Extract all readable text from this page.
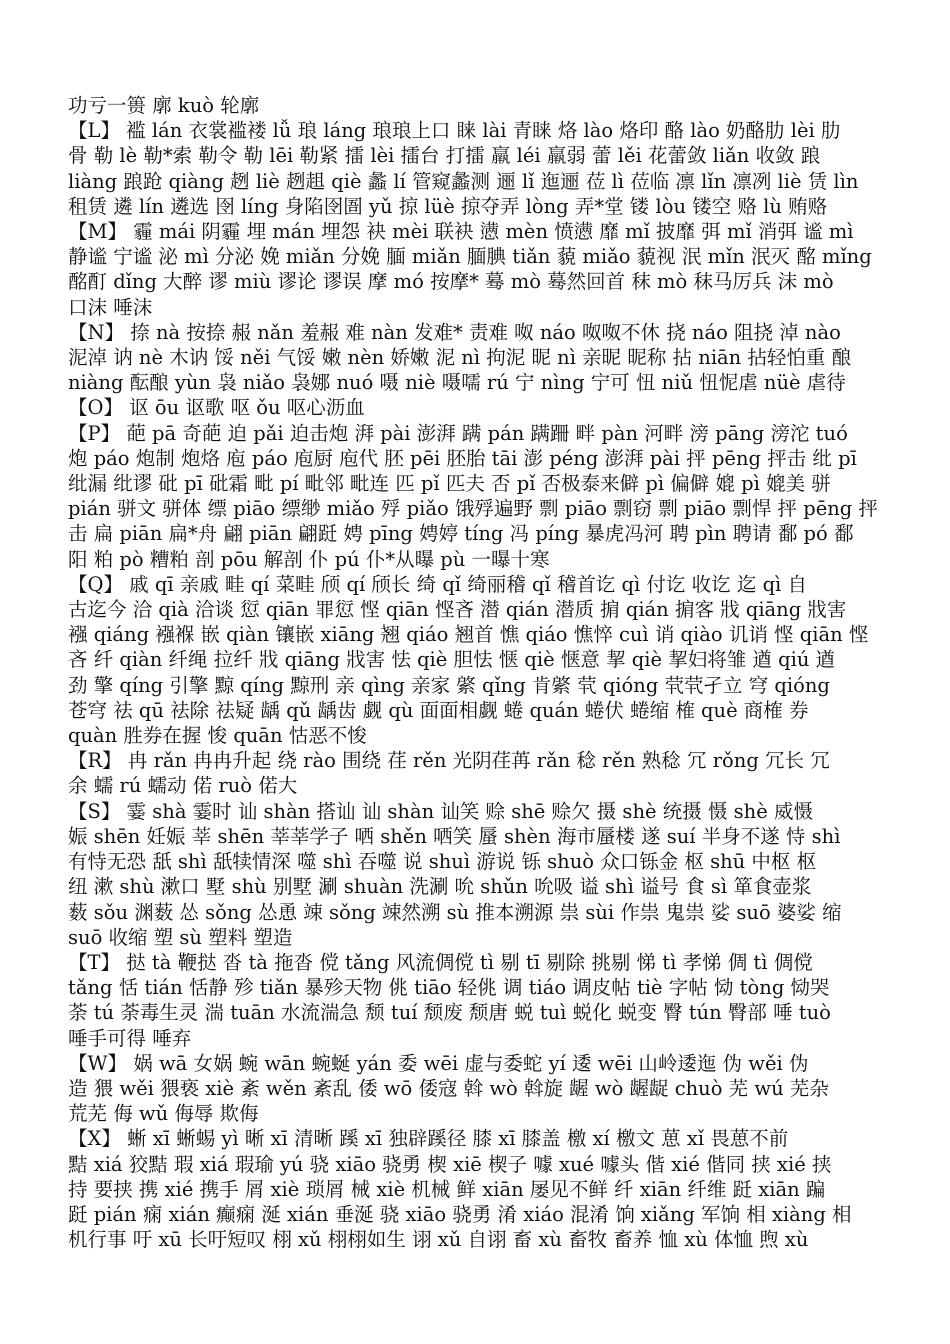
功亏一篑 廓 kuò 轮廓
【L】 褴 lán 衣裳褴褛 lǚ 琅 láng 琅琅上口 睐 lài 青睐 烙 lào 烙印 酪 lào 奶酪肋 lèi 肋
骨 勒 lè 勒*索 勒令 勒 lēi 勒紧 擂 lèi 擂台 打擂 羸 léi 羸弱 蕾 lěi 花蕾敛 liǎn 收敛 踉
liàng 踉跄 qiàng 趔 liè 趔趄 qiè 蠡 lí 管窥蠡测 逦 lǐ 迤逦 莅 lì 莅临 凛 lǐn 凛冽 liè 赁 lìn
租赁 遴 lín 遴选 囹 líng 身陷囹圄 yǔ 掠 lüè 掠夺弄 lòng 弄*堂 镂 lòu 镂空 赂 lù 贿赂
【M】 霾 mái 阴霾 埋 mán 埋怨 袂 mèi 联袂 懑 mèn 愤懑 靡 mǐ 披靡 弭 mǐ 消弭 谧 mì
静谧 宁谧 泌 mì 分泌 娩 miǎn 分娩 腼 miǎn 腼腆 tiǎn 藐 miǎo 藐视 泯 mǐn 泯灭 酩 mǐng
酩酊 dǐng 大醉 谬 miù 谬论 谬误 摩 mó 按摩* 蓦 mò 蓦然回首 秣 mò 秣马厉兵 沫 mò
口沫 唾沫
【N】 捺 nà 按捺 赧 nǎn 羞赧 难 nàn 发难* 责难 呶 náo 呶呶不休 挠 náo 阻挠 淖 nào
泥淖 讷 nè 木讷 馁 něi 气馁 嫩 nèn 娇嫩 泥 nì 拘泥 昵 nì 亲昵 昵称 拈 niān 拈轻怕重 酿
niàng 酝酿 yùn 袅 niǎo 袅娜 nuó 嗫 niè 嗫嚅 rú 宁 nìng 宁可 忸 niǔ 忸怩虐 nüè 虐待
【O】 讴 ōu 讴歌 呕 ǒu 呕心沥血
【P】 葩 pā 奇葩 迫 pǎi 迫击炮 湃 pài 澎湃 蹒 pán 蹒跚 畔 pàn 河畔 滂 pāng 滂沱 tuó
炮 páo 炮制 炮烙 庖 páo 庖厨 庖代 胚 pēi 胚胎 tāi 澎 péng 澎湃 pài 抨 pēng 抨击 纰 pī
纰漏 纰谬 砒 pī 砒霜 毗 pí 毗邻 毗连 匹 pǐ 匹夫 否 pǐ 否极泰来僻 pì 偏僻 媲 pì 媲美 骈
pián 骈文 骈体 缥 piāo 缥缈 miǎo 殍 piǎo 饿殍遍野 剽 piāo 剽窃 剽 piāo 剽悍 抨 pēng 抨
击 扁 piān 扁*舟 翩 piān 翩跹 娉 pīng 娉婷 tíng 冯 píng 暴虎冯河 聘 pìn 聘请 鄱 pó 鄱
阳 粕 pò 糟粕 剖 pōu 解剖 仆 pú 仆*从曝 pù 一曝十寒
【Q】 戚 qī 亲戚 畦 qí 菜畦 颀 qí 颀长 绮 qǐ 绮丽稽 qǐ 稽首讫 qì 付讫 收讫 迄 qì 自
古迄今 洽 qià 洽谈 愆 qiān 罪愆 悭 qiān 悭吝 潜 qián 潜质 掮 qián 掮客 戕 qiāng 戕害
襁 qiáng 襁褓 嵌 qiàn 镶嵌 xiāng 翘 qiáo 翘首 憔 qiáo 憔悴 cuì 诮 qiào 讥诮 悭 qiān 悭
吝 纤 qiàn 纤绳 拉纤 戕 qiāng 戕害 怯 qiè 胆怯 惬 qiè 惬意 挈 qiè 挈妇将雏 遒 qiú 遒
劲 擎 qíng 引擎 黥 qíng 黥刑 亲 qìng 亲家 綮 qǐng 肯綮 茕 qióng 茕茕孑立 穹 qióng
苍穹 祛 qū 祛除 祛疑 龋 qǔ 龋齿 觑 qù 面面相觑 蜷 quán 蜷伏 蜷缩 榷 què 商榷 券
quàn 胜券在握 悛 quān 怙恶不悛
【R】 冉 rǎn 冉冉升起 绕 rào 围绕 荏 rěn 光阴荏苒 rǎn 稔 rěn 熟稔 冗 rǒng 冗长 冗
余 蠕 rú 蠕动 偌 ruò 偌大
【S】 霎 shà 霎时 讪 shàn 搭讪 讪 shàn 讪笑 赊 shē 赊欠 摄 shè 统摄 慑 shè 威慑
娠 shēn 妊娠 莘 shēn 莘莘学子 哂 shěn 哂笑 蜃 shèn 海市蜃楼 遂 suí 半身不遂 恃 shì
有恃无恐 舐 shì 舐犊情深 噬 shì 吞噬 说 shuì 游说 铄 shuò 众口铄金 枢 shū 中枢 枢
纽 漱 shù 漱口 墅 shù 别墅 涮 shuàn 洗涮 吮 shǔn 吮吸 谥 shì 谥号 食 sì 箪食壶浆
薮 sǒu 渊薮 怂 sǒng 怂恿 竦 sǒng 竦然溯 sù 推本溯源 祟 sùi 作祟 鬼祟 娑 suō 婆娑 缩
suō 收缩 塑 sù 塑料 塑造
【T】 挞 tà 鞭挞 沓 tà 拖沓 傥 tǎng 风流倜傥 tì 剔 tī 剔除 挑剔 悌 tì 孝悌 倜 tì 倜傥
tǎng 恬 tián 恬静 殄 tiǎn 暴殄天物 佻 tiāo 轻佻 调 tiáo 调皮帖 tiè 字帖 恸 tòng 恸哭
荼 tú 荼毒生灵 湍 tuān 水流湍急 颓 tuí 颓废 颓唐 蜕 tuì 蜕化 蜕变 臀 tún 臀部 唾 tuò
唾手可得 唾弃
【W】 娲 wā 女娲 蜿 wān 蜿蜒 yán 委 wēi 虚与委蛇 yí 逶 wēi 山岭逶迤 伪 wěi 伪
造 猥 wěi 猥亵 xiè 紊 wěn 紊乱 倭 wō 倭寇 斡 wò 斡旋 龌 wò 龌龊 chuò 芜 wú 芜杂
荒芜 侮 wǔ 侮辱 欺侮
【X】 蜥 xī 蜥蜴 yì 晰 xī 清晰 蹊 xī 独辟蹊径 膝 xī 膝盖 檄 xí 檄文 葸 xǐ 畏葸不前
黠 xiá 狡黠 瑕 xiá 瑕瑜 yú 骁 xiāo 骁勇 楔 xiē 楔子 噱 xué 噱头 偕 xié 偕同 挟 xié 挟
持 要挟 携 xié 携手 屑 xiè 琐屑 械 xiè 机械 鲜 xiān 屡见不鲜 纤 xiān 纤维 跹 xiān 蹁
跹 pián 痫 xián 癫痫 涎 xián 垂涎 骁 xiāo 骁勇 淆 xiáo 混淆 饷 xiǎng 军饷 相 xiàng 相
机行事 吁 xū 长吁短叹 栩 xǔ 栩栩如生 诩 xǔ 自诩 畜 xù 畜牧 畜养 恤 xù 体恤 煦 xù
